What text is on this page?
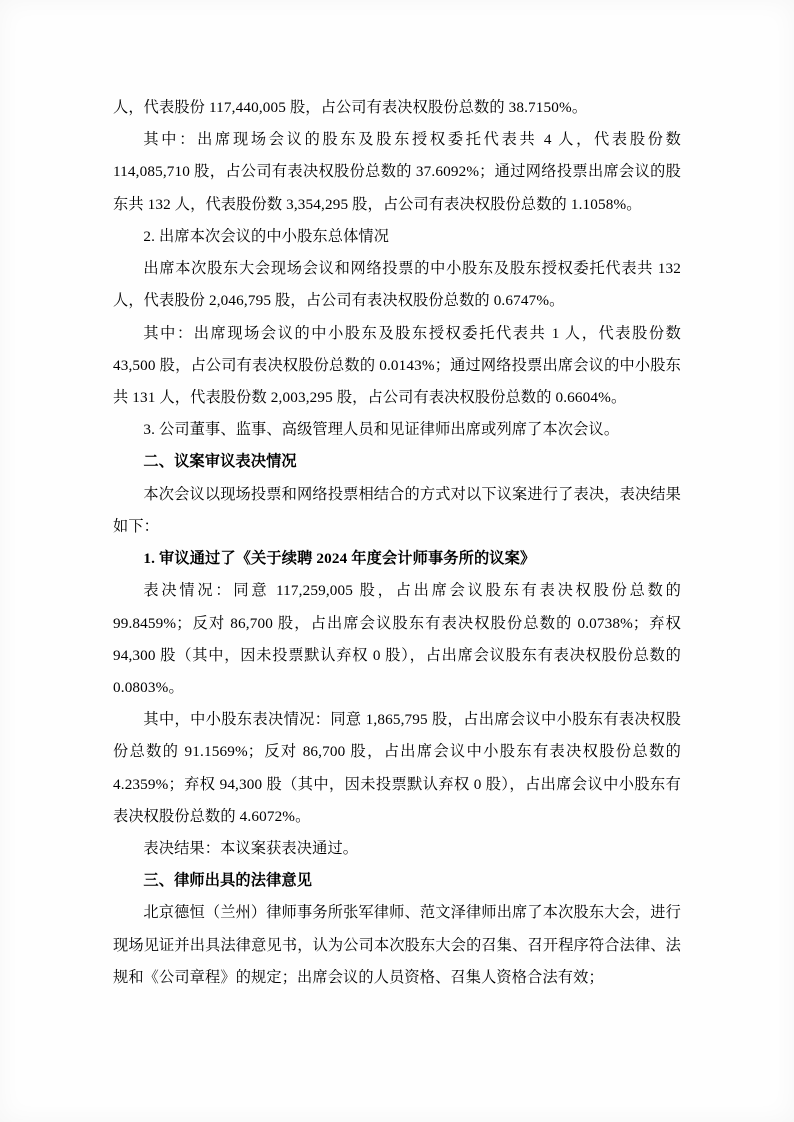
人，代表股份 117,440,005 股，占公司有表决权股份总数的 38.7150%。

其中：出席现场会议的股东及股东授权委托代表共 4 人，代表股份数 114,085,710 股，占公司有表决权股份总数的 37.6092%；通过网络投票出席会议的股东共 132 人，代表股份数 3,354,295 股，占公司有表决权股份总数的 1.1058%。

2. 出席本次会议的中小股东总体情况

出席本次股东大会现场会议和网络投票的中小股东及股东授权委托代表共 132 人，代表股份 2,046,795 股，占公司有表决权股份总数的 0.6747%。

其中：出席现场会议的中小股东及股东授权委托代表共 1 人，代表股份数 43,500 股，占公司有表决权股份总数的 0.0143%；通过网络投票出席会议的中小股东共 131 人，代表股份数 2,003,295 股，占公司有表决权股份总数的 0.6604%。

3. 公司董事、监事、高级管理人员和见证律师出席或列席了本次会议。

二、议案审议表决情况

本次会议以现场投票和网络投票相结合的方式对以下议案进行了表决，表决结果如下：

1. 审议通过了《关于续聘 2024 年度会计师事务所的议案》

表决情况：同意 117,259,005 股，占出席会议股东有表决权股份总数的 99.8459%；反对 86,700 股，占出席会议股东有表决权股份总数的 0.0738%；弃权 94,300 股（其中，因未投票默认弃权 0 股），占出席会议股东有表决权股份总数的 0.0803%。

其中，中小股东表决情况：同意 1,865,795 股，占出席会议中小股东有表决权股份总数的 91.1569%；反对 86,700 股，占出席会议中小股东有表决权股份总数的 4.2359%；弃权 94,300 股（其中，因未投票默认弃权 0 股），占出席会议中小股东有表决权股份总数的 4.6072%。

表决结果：本议案获表决通过。

三、律师出具的法律意见

北京德恒（兰州）律师事务所张军律师、范文泽律师出席了本次股东大会，进行现场见证并出具法律意见书，认为公司本次股东大会的召集、召开程序符合法律、法规和《公司章程》的规定；出席会议的人员资格、召集人资格合法有效；
